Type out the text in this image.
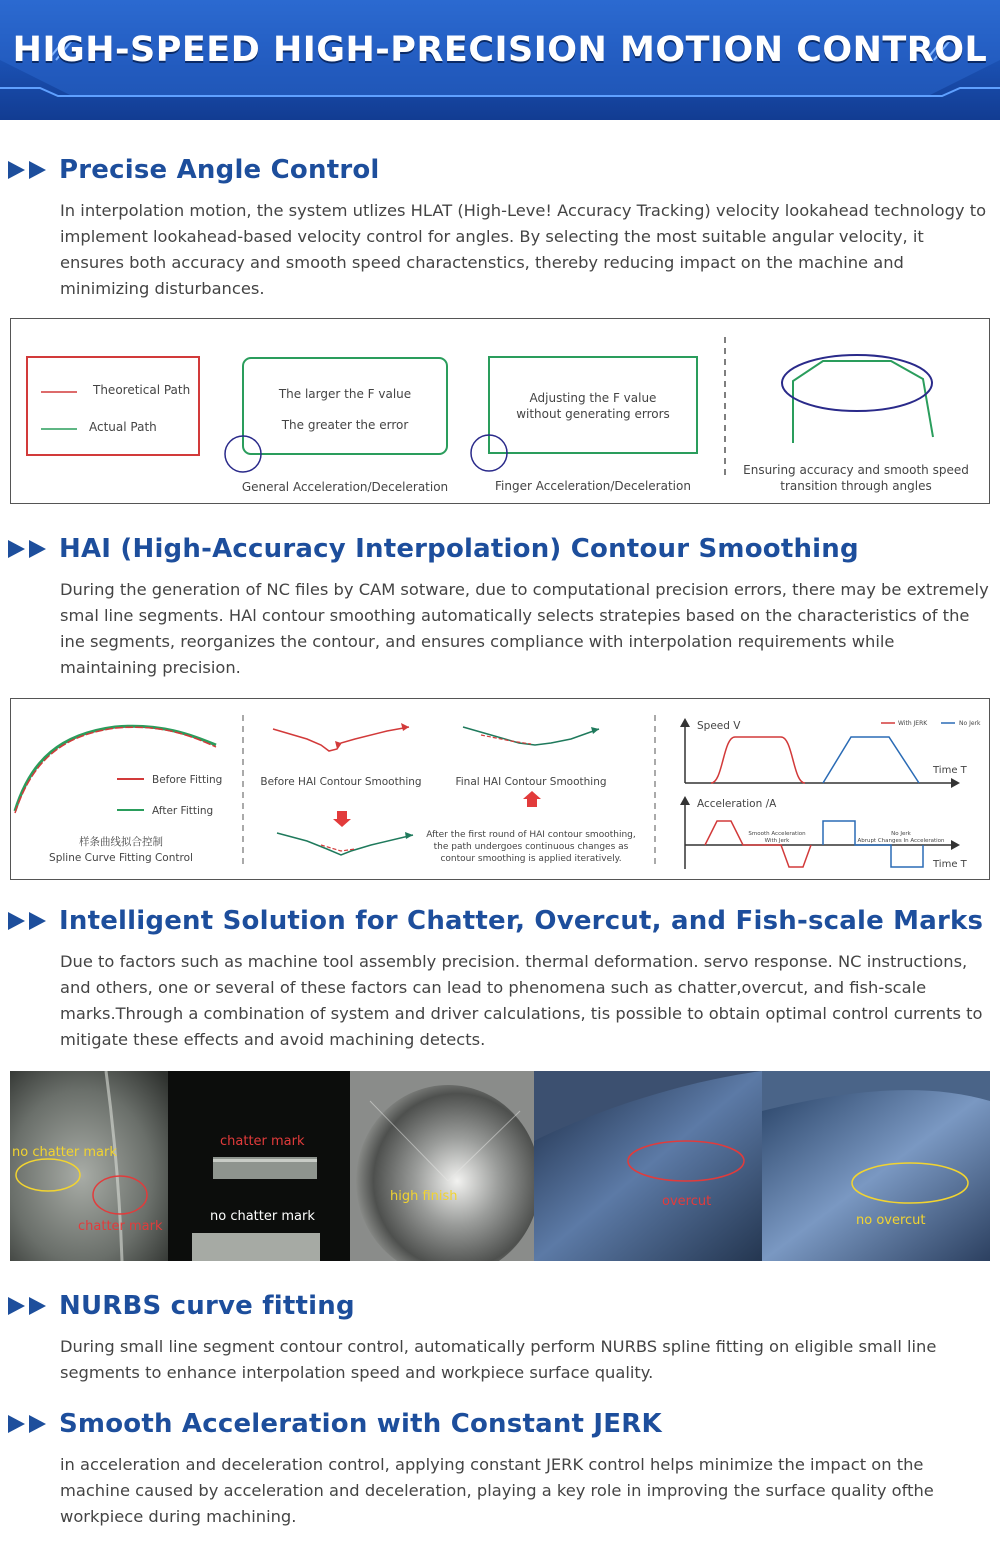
HIGH-SPEED HIGH-PRECISION MOTION CONTROL
Precise Angle Control

In interpolation motion, the system utlizes HLAT (High-Leve! Accuracy Tracking) velocity lookahead technology to implement lookahead-based velocity control for angles. By selecting the most suitable angular velocity, it ensures both accuracy and smooth speed charactenstics, thereby reducing impact on the machine and minimizing disturbances.

Theoretical Path
Actual Path
The larger the F value
The greater the error
General Acceleration/Deceleration
Adjusting the F value
without generating errors
Finger Acceleration/Deceleration
Ensuring accuracy and smooth speed
transition through angles
HAI (High-Accuracy Interpolation) Contour Smoothing

During the generation of NC files by CAM sotware, due to computational precision errors, there may be extremely smal line segments. HAl contour smoothing automatically selects stratepies based on the characteristics of the ine segments, reorganizes the contour, and ensures compliance with interpolation requirements while maintaining precision.

Before Fitting
After Fitting
样条曲线拟合控制
Spline Curve Fitting Control
Before HAI Contour Smoothing	Final HAI Contour Smoothing
After the first round of HAI contour smoothing,
the path undergoes continuous changes as
contour smoothing is applied iteratively.
Speed V
Time T
With JERK	No Jerk
Acceleration /A
Time T
Smooth Acceleration
With Jerk
No Jerk
Abrupt Changes In Acceleration
Intelligent Solution for Chatter, Overcut, and Fish-scale Marks

Due to factors such as machine tool assembly precision. thermal deformation. servo response. NC instructions, and others, one or several of these factors can lead to phenomena such as chatter,overcut, and fish-scale marks.Through a combination of system and driver calculations, tis possible to obtain optimal control currents to mitigate these effects and avoid machining detects.

no chatter mark
chatter mark
chatter mark
no chatter mark
high finish	overcut
no overcut
NURBS curve fitting

During small line segment contour control, automatically perform NURBS spline fitting on eligible small line segments to enhance interpolation speed and workpiece surface quality.

Smooth Acceleration with Constant JERK

in acceleration and deceleration control, applying constant JERK control helps minimize the impact on the machine caused by acceleration and deceleration, playing a key role in improving the surface quality ofthe workpiece during machining.
